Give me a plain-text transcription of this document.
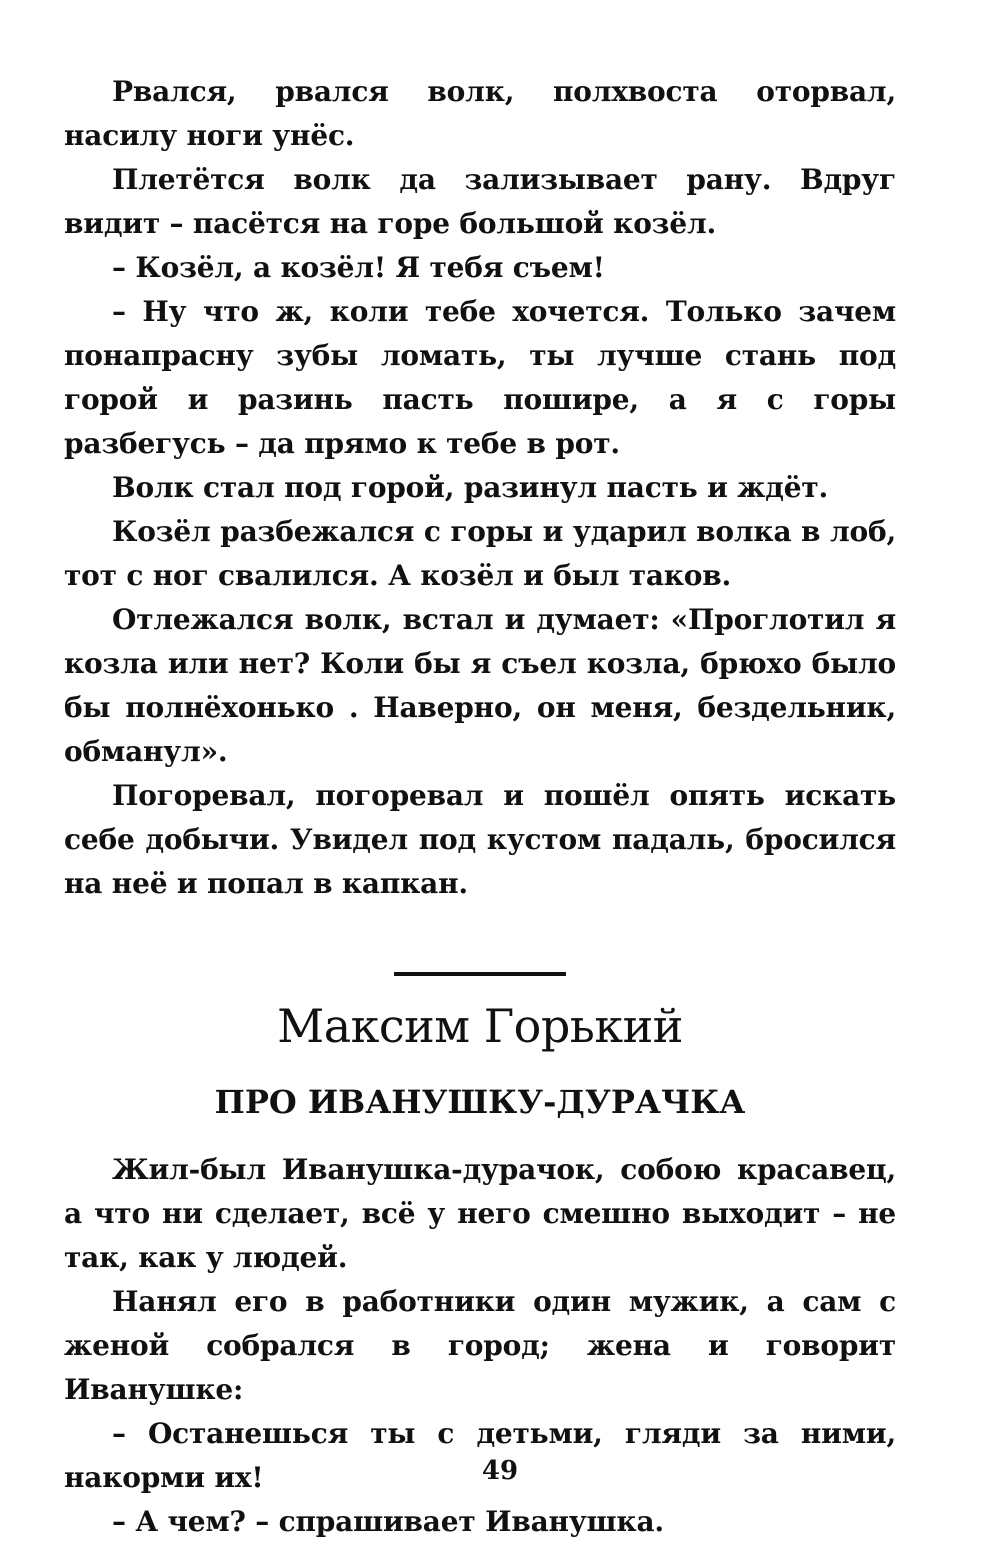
Рвался, рвался волк, полхвоста оторвал, насилу ноги унёс.

Плетётся волк да зализывает рану. Вдруг видит – пасётся на горе большой козёл.

– Козёл, а козёл! Я тебя съем!

– Ну что ж, коли тебе хочется. Только зачем понапрасну зубы ломать, ты лучше стань под горой и разинь пасть пошире, а я с горы разбегусь – да прямо к тебе в рот.

Волк стал под горой, разинул пасть и ждёт.

Козёл разбежался с горы и ударил волка в лоб, тот с ног свалился. А козёл и был таков.

Отлежался волк, встал и думает: «Проглотил я козла или нет? Коли бы я съел козла, брюхо было бы полнёхонько . Наверно, он меня, бездельник, обманул».

Погоревал, погоревал и пошёл опять искать себе добычи. Увидел под кустом падаль, бросился на неё и попал в капкан.

Максим Горький
ПРО ИВАНУШКУ-ДУРАЧКА

Жил-был Иванушка-дурачок, собою красавец, а что ни сделает, всё у него смешно выходит – не так, как у людей.

Нанял его в работники один мужик, а сам с женой собрался в город; жена и говорит Иванушке:

– Останешься ты с детьми, гляди за ними, накорми их!

– А чем? – спрашивает Иванушка.

49
